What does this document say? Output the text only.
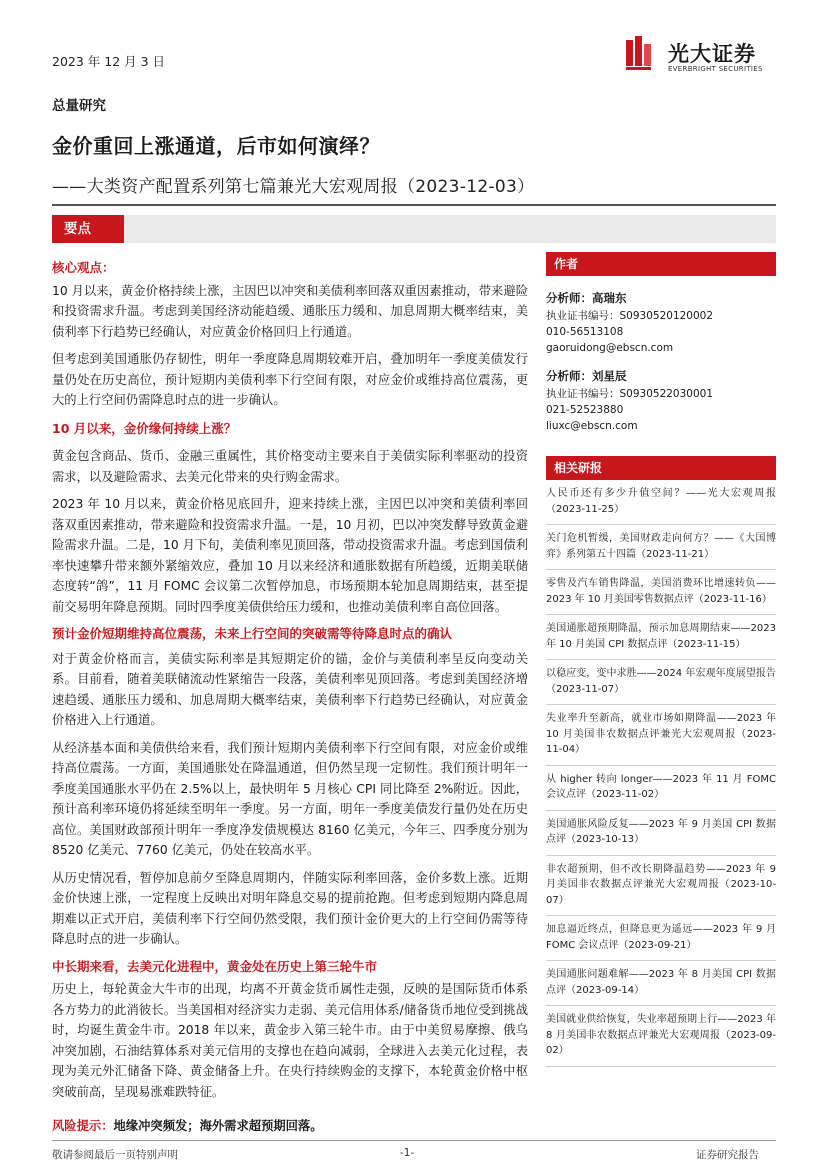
2023 年 12 月 3 日	光大证券
EVERBRIGHT SECURITIES
总量研究
金价重回上涨通道，后市如何演绎？
——大类资产配置系列第七篇兼光大宏观周报（2023-12-03）
要点
核心观点：

10 月以来，黄金价格持续上涨，主因巴以冲突和美债利率回落双重因素推动，带来避险和投资需求升温。考虑到美国经济动能趋缓、通胀压力缓和、加息周期大概率结束，美债利率下行趋势已经确认，对应黄金价格回归上行通道。

但考虑到美国通胀仍存韧性，明年一季度降息周期较难开启，叠加明年一季度美债发行量仍处在历史高位，预计短期内美债利率下行空间有限，对应金价或维持高位震荡，更大的上行空间仍需降息时点的进一步确认。

10 月以来，金价缘何持续上涨？

黄金包含商品、货币、金融三重属性，其价格变动主要来自于美债实际利率驱动的投资需求，以及避险需求、去美元化带来的央行购金需求。

2023 年 10 月以来，黄金价格见底回升，迎来持续上涨，主因巴以冲突和美债利率回落双重因素推动，带来避险和投资需求升温。一是，10 月初，巴以冲突发酵导致黄金避险需求升温。二是，10 月下旬，美债利率见顶回落，带动投资需求升温。考虑到国债利率快速攀升带来额外紧缩效应，叠加 10 月以来经济和通胀数据有所趋缓，近期美联储态度转“鸽”，11 月 FOMC 会议第二次暂停加息，市场预期本轮加息周期结束，甚至提前交易明年降息预期。同时四季度美债供给压力缓和，也推动美债利率自高位回落。

预计金价短期维持高位震荡，未来上行空间的突破需等待降息时点的确认

对于黄金价格而言，美债实际利率是其短期定价的锚，金价与美债利率呈反向变动关系。目前看，随着美联储流动性紧缩告一段落，美债利率见顶回落。考虑到美国经济增速趋缓、通胀压力缓和、加息周期大概率结束，美债利率下行趋势已经确认，对应黄金价格进入上行通道。

从经济基本面和美债供给来看，我们预计短期内美债利率下行空间有限，对应金价或维持高位震荡。一方面，美国通胀处在降温通道，但仍然呈现一定韧性。我们预计明年一季度美国通胀水平仍在 2.5%以上，最快明年 5 月核心 CPI 同比降至 2%附近。因此，预计高利率环境仍将延续至明年一季度。另一方面，明年一季度美债发行量仍处在历史高位。美国财政部预计明年一季度净发债规模达 8160 亿美元，今年三、四季度分别为 8520 亿美元、7760 亿美元，仍处在较高水平。

从历史情况看，暂停加息前夕至降息周期内，伴随实际利率回落，金价多数上涨。近期金价快速上涨，一定程度上反映出对明年降息交易的提前抢跑。但考虑到短期内降息周期难以正式开启，美债利率下行空间仍然受限，我们预计金价更大的上行空间仍需等待降息时点的进一步确认。

中长期来看，去美元化进程中，黄金处在历史上第三轮牛市

历史上，每轮黄金大牛市的出现，均离不开黄金货币属性走强，反映的是国际货币体系各方势力的此消彼长。当美国相对经济实力走弱、美元信用体系/储备货币地位受到挑战时，均诞生黄金牛市。2018 年以来，黄金步入第三轮牛市。由于中美贸易摩擦、俄乌冲突加剧，石油结算体系对美元信用的支撑也在趋向减弱，全球进入去美元化过程，表现为美元外汇储备下降、黄金储备上升。在央行持续购金的支撑下，本轮黄金价格中枢突破前高，呈现易涨难跌特征。

风险提示：地缘冲突频发；海外需求超预期回落。
作者
分析师：高瑞东
执业证书编号：S0930520120002
010-56513108
gaoruidong@ebscn.com
分析师：刘星辰
执业证书编号：S0930522030001
021-52523880
liuxc@ebscn.com
相关研报
人民币还有多少升值空间？——光大宏观周报（2023-11-25）
关门危机暂缓，美国财政走向何方？——《大国博弈》系列第五十四篇（2023-11-21）
零售及汽车销售降温，美国消费环比增速转负——2023 年 10 月美国零售数据点评（2023-11-16）
美国通胀超预期降温，预示加息周期结束——2023 年 10 月美国 CPI 数据点评（2023-11-15）
以稳应变，变中求胜——2024 年宏观年度展望报告（2023-11-07）
失业率升至新高，就业市场如期降温——2023 年 10 月美国非农数据点评兼光大宏观周报（2023-11-04）
从 higher 转向 longer——2023 年 11 月 FOMC 会议点评（2023-11-02）
美国通胀风险反复——2023 年 9 月美国 CPI 数据点评（2023-10-13）
非农超预期，但不改长期降温趋势——2023 年 9 月美国非农数据点评兼光大宏观周报（2023-10-07）
加息逼近终点，但降息更为遥远——2023 年 9 月 FOMC 会议点评（2023-09-21）
美国通胀问题难解——2023 年 8 月美国 CPI 数据点评（2023-09-14）
美国就业供给恢复，失业率超预期上行——2023 年 8 月美国非农数据点评兼光大宏观周报（2023-09-02）
敬请参阅最后一页特别声明	-1-	证券研究报告
